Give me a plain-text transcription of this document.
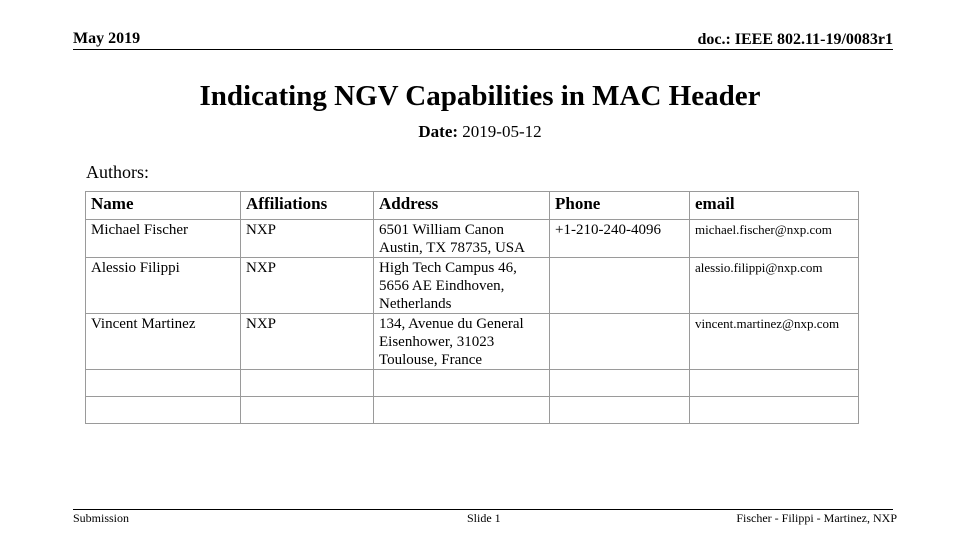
May 2019	doc.: IEEE 802.11-19/0083r1
Indicating NGV Capabilities in MAC Header
Date: 2019-05-12
Authors:
Name	Affiliations	Address	Phone	email
Michael Fischer	NXP	6501 William Canon
Austin, TX 78735, USA	+1-210-240-4096	michael.fischer@nxp.com
Alessio Filippi	NXP	High Tech Campus 46,
5656 AE Eindhoven,
Netherlands		alessio.filippi@nxp.com
Vincent Martinez	NXP	134, Avenue du General
Eisenhower, 31023
Toulouse, France		vincent.martinez@nxp.com

Submission	Slide 1	Fischer - Filippi - Martinez, NXP
